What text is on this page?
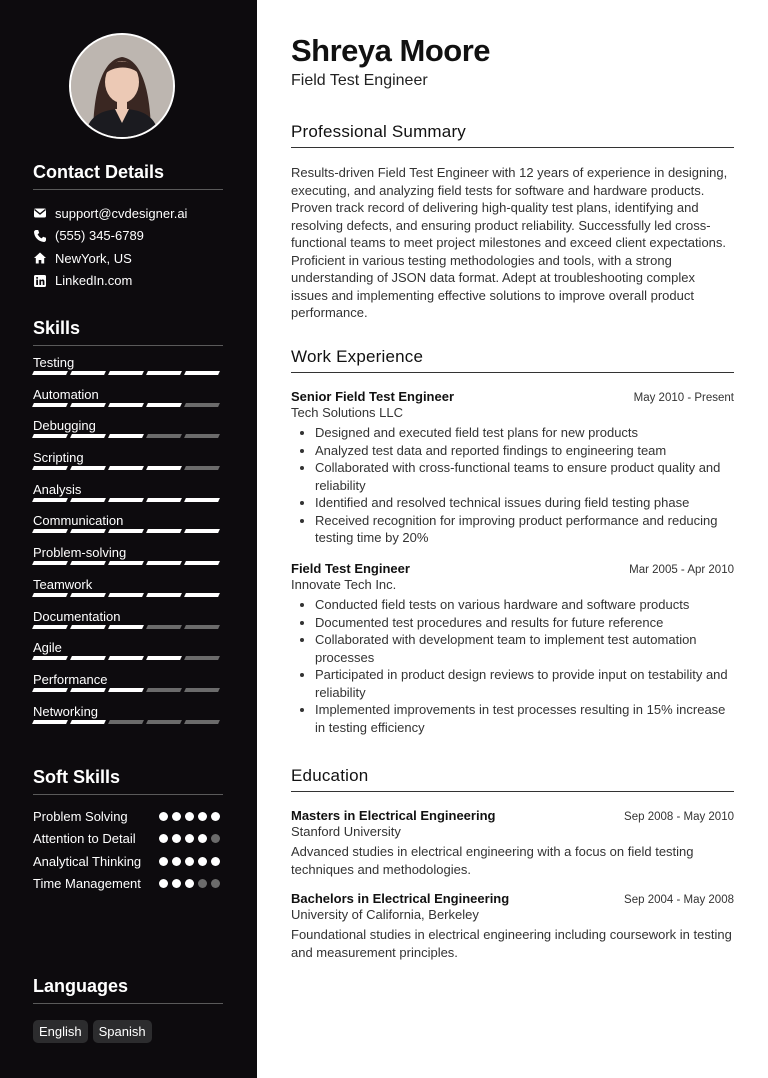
Contact Details
support@cvdesigner.ai
(555) 345-6789
NewYork, US
LinkedIn.com
Skills
Testing
Automation
Debugging
Scripting
Analysis
Communication
Problem-solving
Teamwork
Documentation
Agile
Performance
Networking
Soft Skills
Problem Solving
Attention to Detail
Analytical Thinking
Time Management
Languages
English	Spanish
Shreya Moore
Field Test Engineer
Professional Summary

Results-driven Field Test Engineer with 12 years of experience in designing, executing, and analyzing field tests for software and hardware products. Proven track record of delivering high-quality test plans, identifying and resolving defects, and ensuring product reliability. Successfully led cross-functional teams to meet project milestones and exceed client expectations. Proficient in various testing methodologies and tools, with a strong understanding of JSON data format. Adept at troubleshooting complex issues and implementing effective solutions to improve overall product performance.

Work Experience
Senior Field Test Engineer	May 2010 - Present
Tech Solutions LLC
• Designed and executed field test plans for new products
• Analyzed test data and reported findings to engineering team
• Collaborated with cross-functional teams to ensure product quality and reliability
• Identified and resolved technical issues during field testing phase
• Received recognition for improving product performance and reducing testing time by 20%
Field Test Engineer	Mar 2005 - Apr 2010
Innovate Tech Inc.
• Conducted field tests on various hardware and software products
• Documented test procedures and results for future reference
• Collaborated with development team to implement test automation processes
• Participated in product design reviews to provide input on testability and reliability
• Implemented improvements in test processes resulting in 15% increase in testing efficiency
Education
Masters in Electrical Engineering	Sep 2008 - May 2010
Stanford University
Advanced studies in electrical engineering with a focus on field testing techniques and methodologies.
Bachelors in Electrical Engineering	Sep 2004 - May 2008
University of California, Berkeley
Foundational studies in electrical engineering including coursework in testing and measurement principles.
